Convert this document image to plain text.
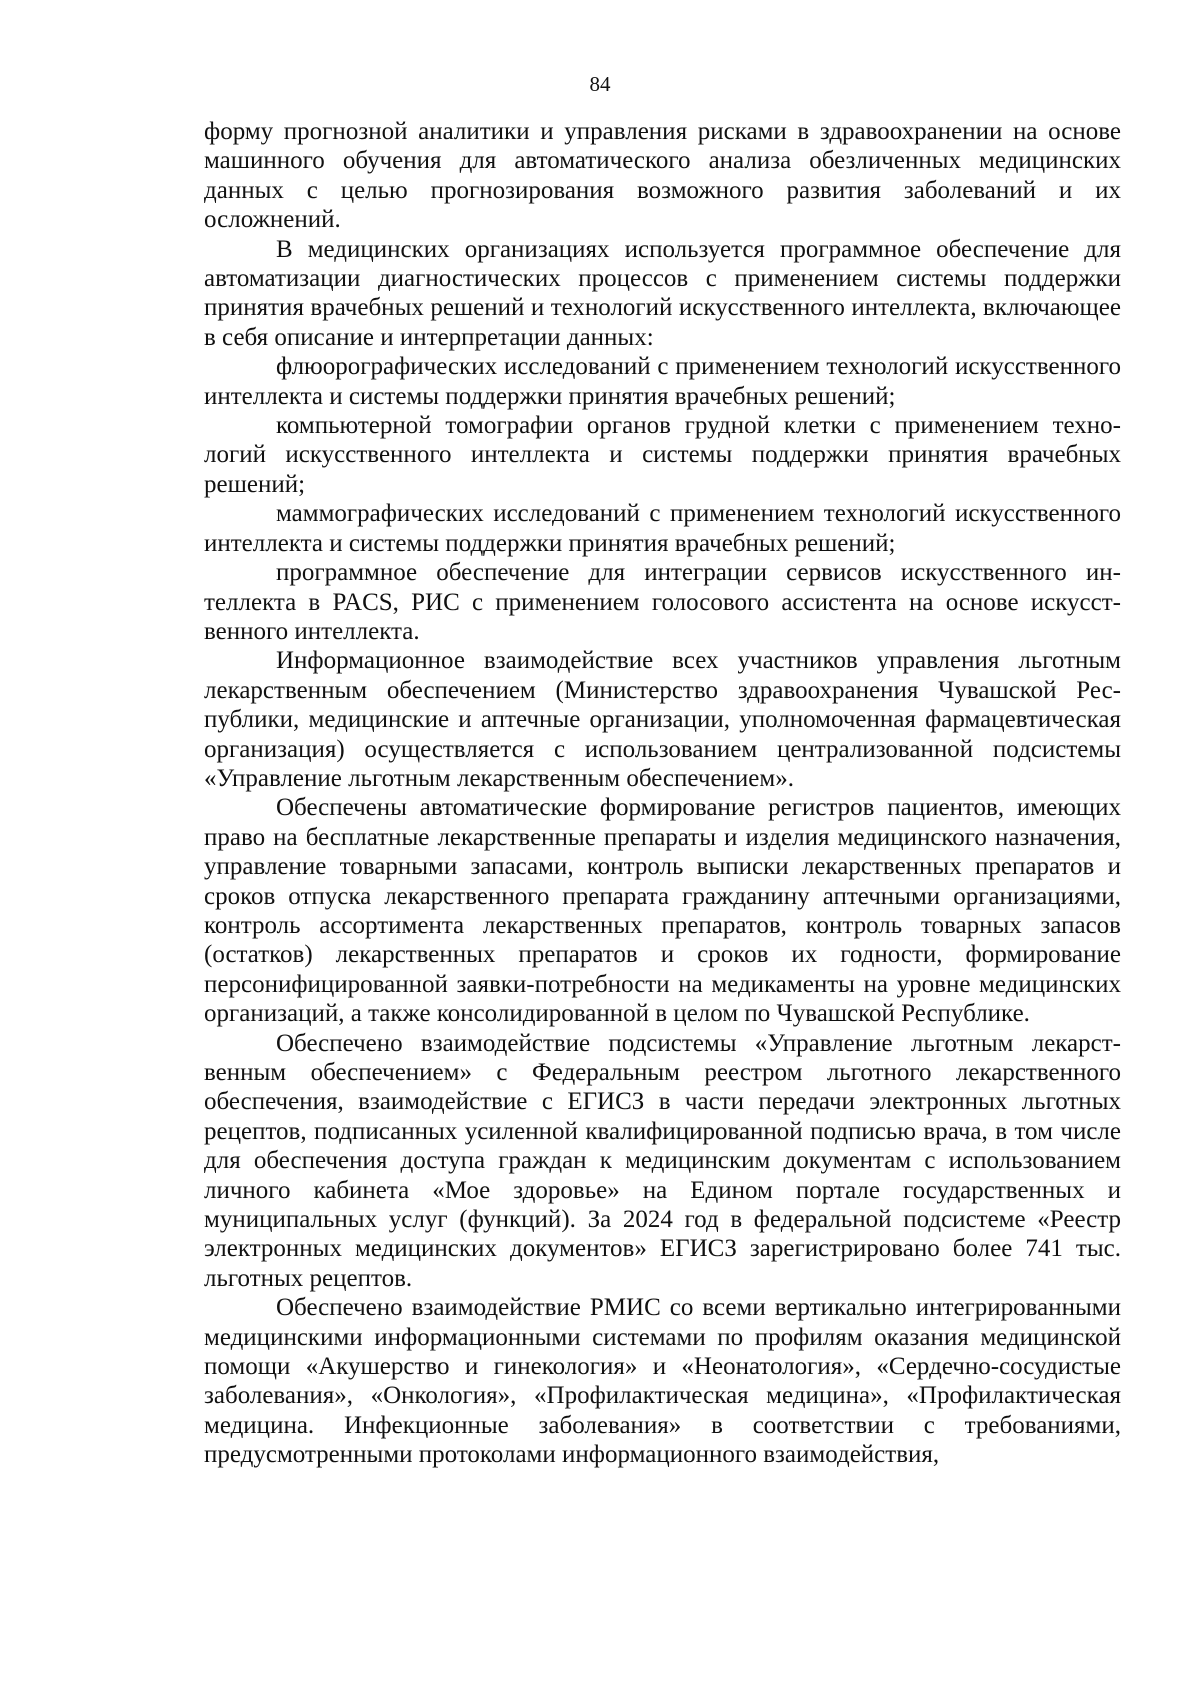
84

форму прогнозной аналитики и управления рисками в здравоохранении на основе машинного обучения для автоматического анализа обезличенных медицинских данных с целью прогнозирования возможного развития заболеваний и их осложнений.

В медицинских организациях используется программное обеспечение для автоматизации диагностических процессов с применением системы поддержки принятия врачебных решений и технологий искусственного интеллекта, включающее в себя описание и интерпретации данных:

флюорографических исследований с применением технологий искусственного интеллекта и системы поддержки принятия врачебных решений;

компьютерной томографии органов грудной клетки с применением технологий искусственного интеллекта и системы поддержки принятия врачебных решений;

маммографических исследований с применением технологий искусственного интеллекта и системы поддержки принятия врачебных решений;

программное обеспечение для интеграции сервисов искусственного интеллекта в PACS, РИС с применением голосового ассистента на основе искусственного интеллекта.

Информационное взаимодействие всех участников управления льготным лекарственным обеспечением (Министерство здравоохранения Чувашской Республики, медицинские и аптечные организации, уполномоченная фармацевтическая организация) осуществляется с использованием централизованной подсистемы «Управление льготным лекарственным обеспечением».

Обеспечены автоматические формирование регистров пациентов, имеющих право на бесплатные лекарственные препараты и изделия медицинского назначения, управление товарными запасами, контроль выписки лекарственных препаратов и сроков отпуска лекарственного препарата гражданину аптечными организациями, контроль ассортимента лекарственных препаратов, контроль товарных запасов (остатков) лекарственных препаратов и сроков их годности, формирование персонифицированной заявки-потребности на медикаменты на уровне медицинских организаций, а также консолидированной в целом по Чувашской Республике.

Обеспечено взаимодействие подсистемы «Управление льготным лекарственным обеспечением» с Федеральным реестром льготного лекарственного обеспечения, взаимодействие с ЕГИСЗ в части передачи электронных льготных рецептов, подписанных усиленной квалифицированной подписью врача, в том числе для обеспечения доступа граждан к медицинским документам с использованием личного кабинета «Мое здоровье» на Едином портале государственных и муниципальных услуг (функций). За 2024 год в федеральной подсистеме «Реестр электронных медицинских документов» ЕГИСЗ зарегистрировано более 741 тыс. льготных рецептов.

Обеспечено взаимодействие РМИС со всеми вертикально интегрированными медицинскими информационными системами по профилям оказания медицинской помощи «Акушерство и гинекология» и «Неонатология», «Сердечно-сосудистые заболевания», «Онкология», «Профилактическая медицина», «Профилактическая медицина. Инфекционные заболевания» в соответствии с требованиями, предусмотренными протоколами информационного взаимодействия,
